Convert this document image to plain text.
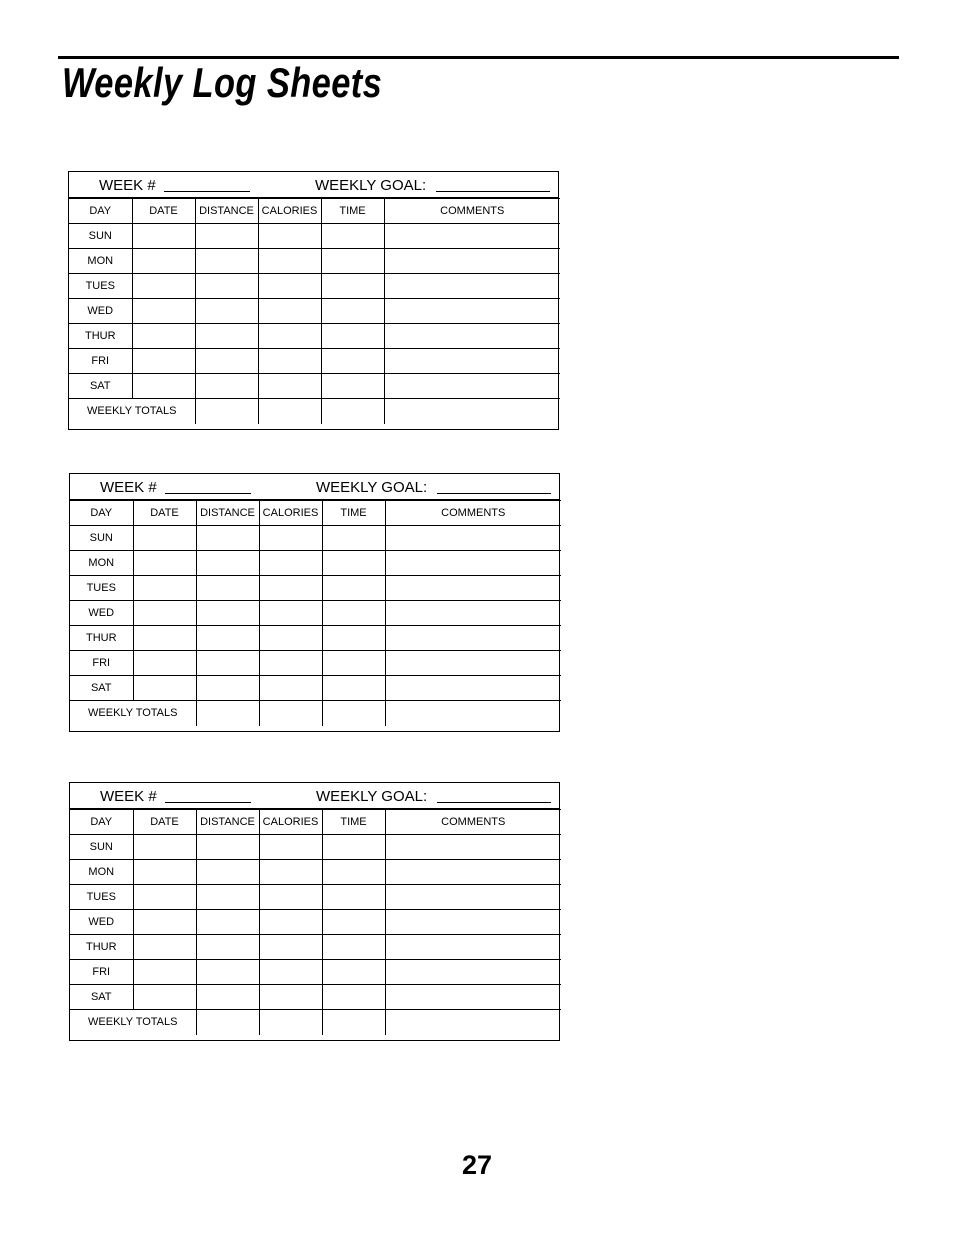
Weekly Log Sheets
WEEK #	WEEKLY GOAL:
DAY	DATE	DISTANCE	CALORIES	TIME	COMMENTS
SUN					
MON					
TUES					
WED					
THUR					
FRI					
SAT					
WEEKLY TOTALS					
WEEK #	WEEKLY GOAL:
DAY	DATE	DISTANCE	CALORIES	TIME	COMMENTS
SUN					
MON					
TUES					
WED					
THUR					
FRI					
SAT					
WEEKLY TOTALS					
WEEK #	WEEKLY GOAL:
DAY	DATE	DISTANCE	CALORIES	TIME	COMMENTS
SUN					
MON					
TUES					
WED					
THUR					
FRI					
SAT					
WEEKLY TOTALS					
27
